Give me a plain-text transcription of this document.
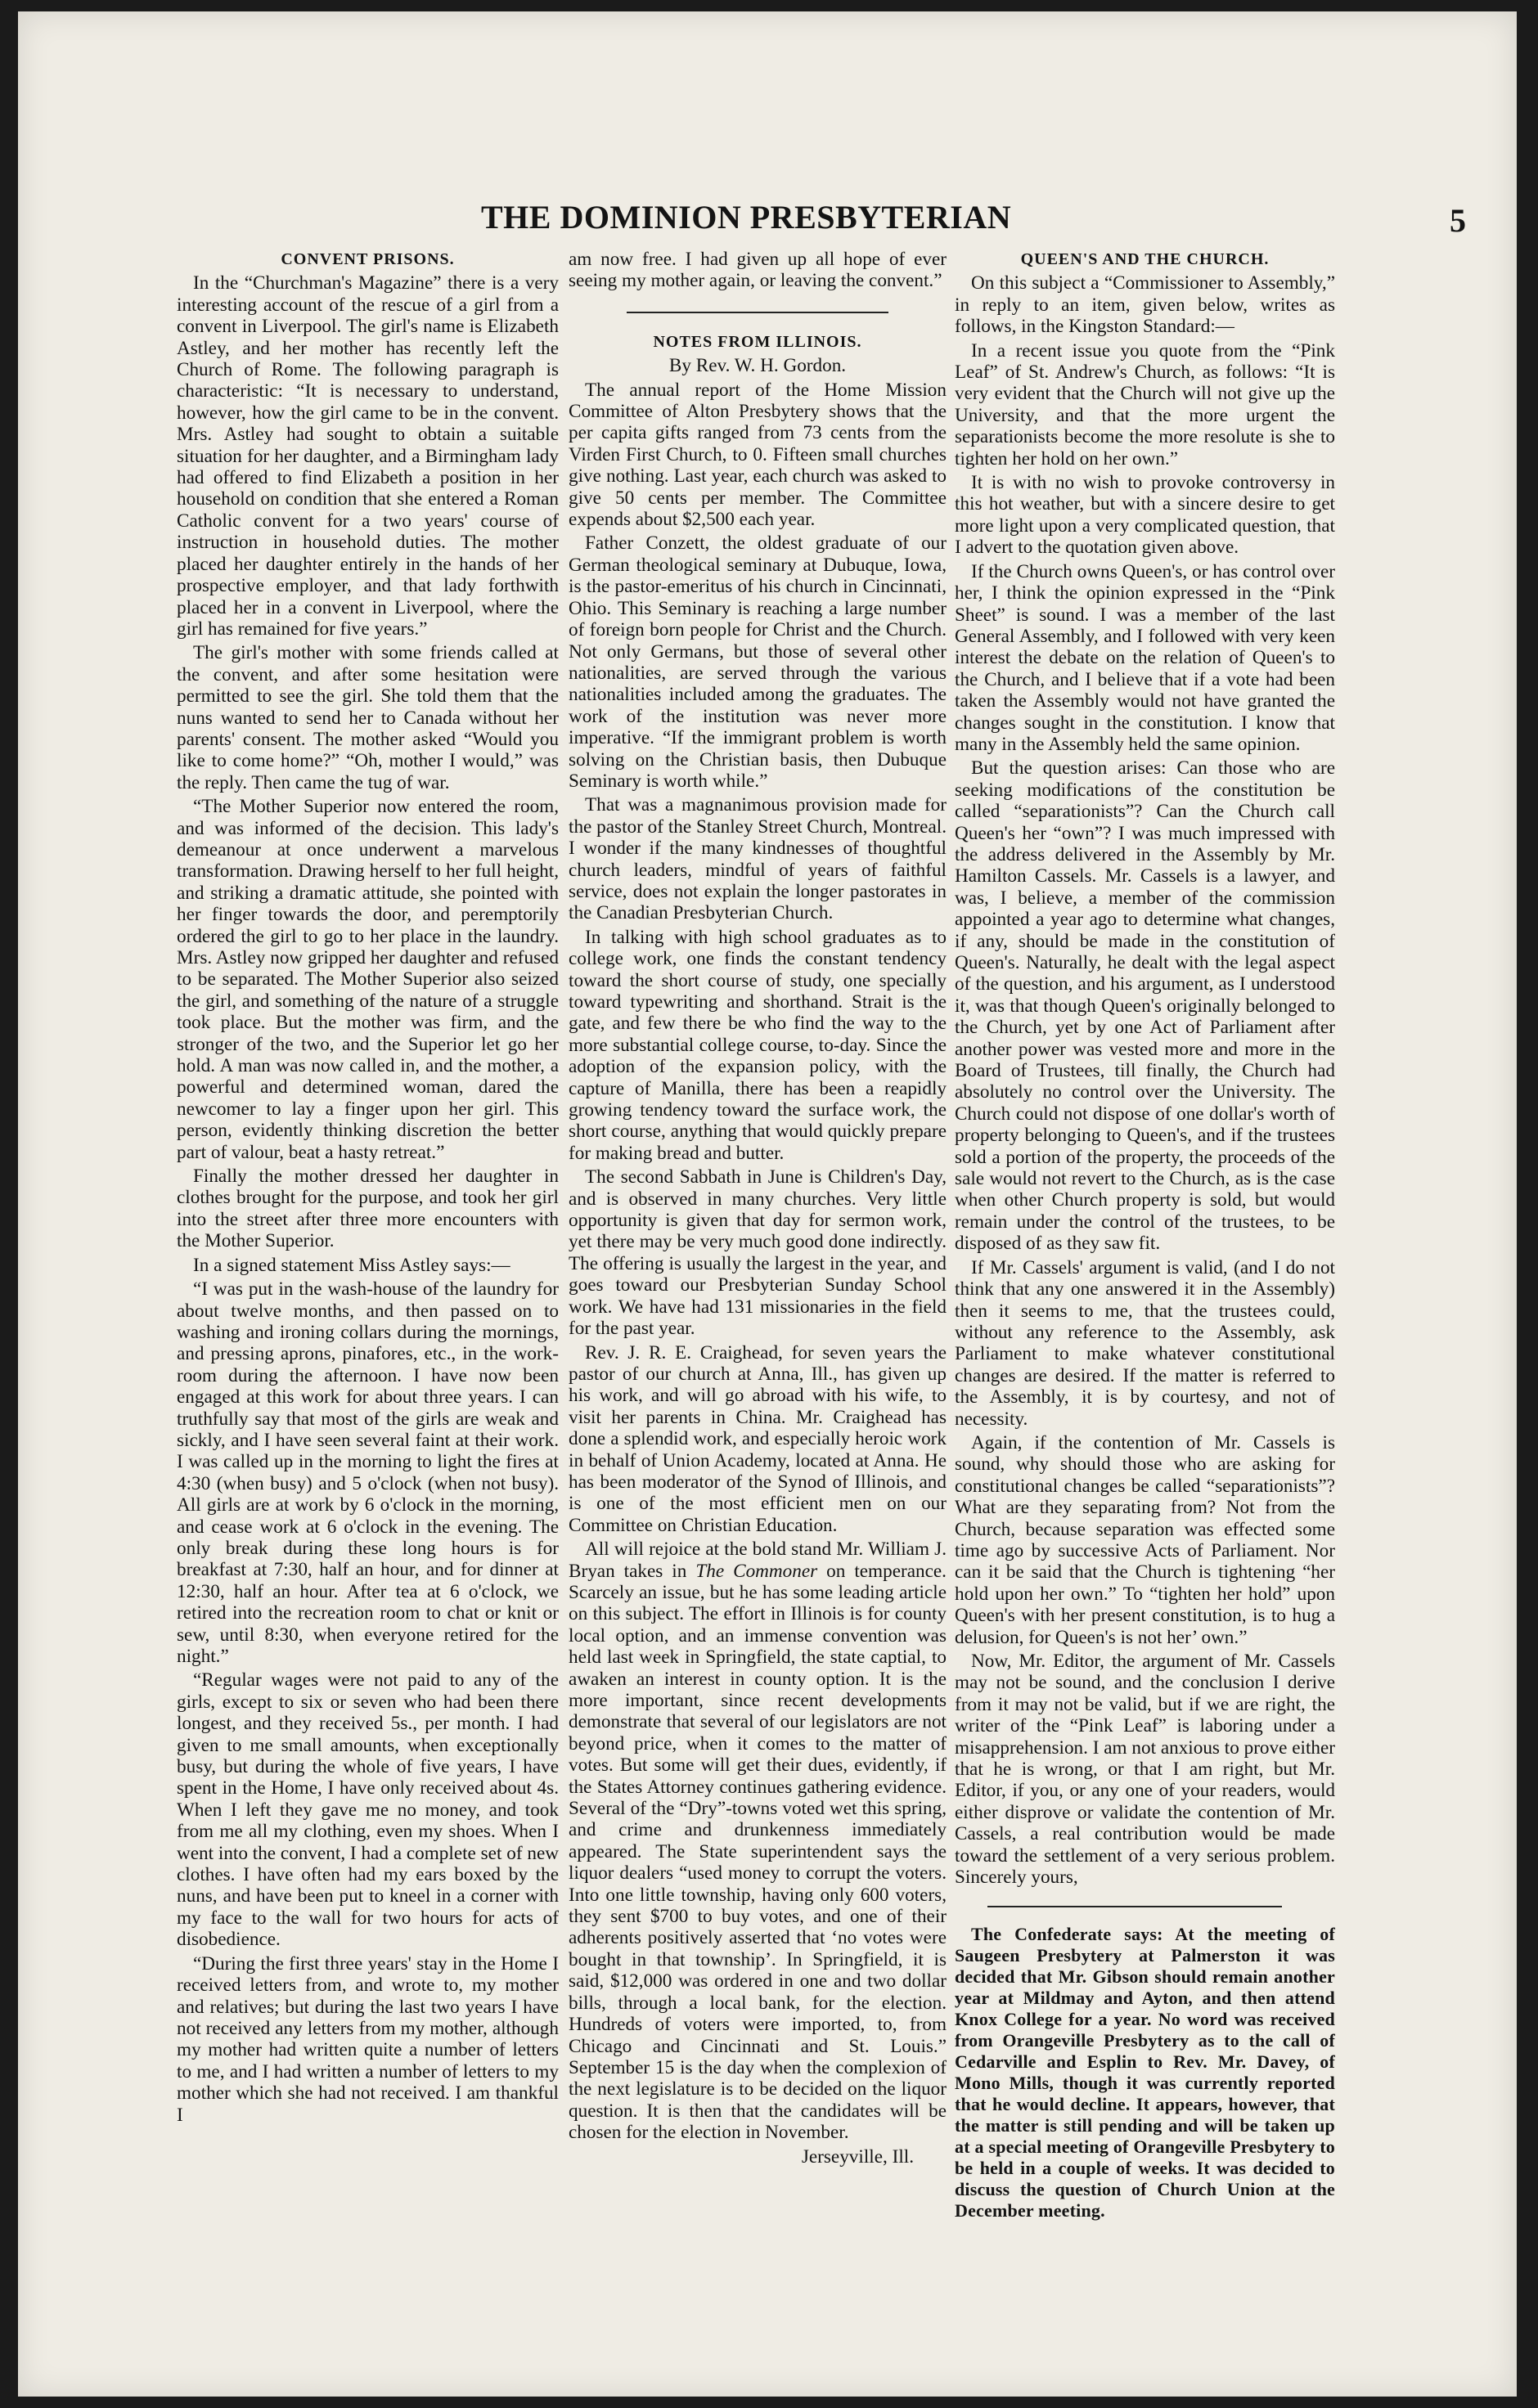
THE DOMINION PRESBYTERIAN	5

CONVENT PRISONS.

In the “Churchman's Magazine” there is a very interesting account of the rescue of a girl from a convent in Liverpool. The girl's name is Elizabeth Astley, and her mother has recently left the Church of Rome. The following paragraph is characteristic: “It is necessary to understand, however, how the girl came to be in the convent. Mrs. Astley had sought to obtain a suitable situation for her daughter, and a Birmingham lady had offered to find Elizabeth a position in her household on condition that she entered a Roman Catholic convent for a two years' course of instruction in household duties. The mother placed her daughter entirely in the hands of her prospective employer, and that lady forthwith placed her in a convent in Liverpool, where the girl has remained for five years.”

The girl's mother with some friends called at the convent, and after some hesitation were permitted to see the girl. She told them that the nuns wanted to send her to Canada without her parents' consent. The mother asked “Would you like to come home?” “Oh, mother I would,” was the reply. Then came the tug of war.

“The Mother Superior now entered the room, and was informed of the decision. This lady's demeanour at once underwent a marvelous transformation. Drawing herself to her full height, and striking a dramatic attitude, she pointed with her finger towards the door, and peremptorily ordered the girl to go to her place in the laundry. Mrs. Astley now gripped her daughter and refused to be separated. The Mother Superior also seized the girl, and something of the nature of a struggle took place. But the mother was firm, and the stronger of the two, and the Superior let go her hold. A man was now called in, and the mother, a powerful and determined woman, dared the newcomer to lay a finger upon her girl. This person, evidently thinking discretion the better part of valour, beat a hasty retreat.”

Finally the mother dressed her daughter in clothes brought for the purpose, and took her girl into the street after three more encounters with the Mother Superior.

In a signed statement Miss Astley says:—

“I was put in the wash-house of the laundry for about twelve months, and then passed on to washing and ironing collars during the mornings, and pressing aprons, pinafores, etc., in the work-room during the afternoon. I have now been engaged at this work for about three years. I can truthfully say that most of the girls are weak and sickly, and I have seen several faint at their work. I was called up in the morning to light the fires at 4:30 (when busy) and 5 o'clock (when not busy). All girls are at work by 6 o'clock in the morning, and cease work at 6 o'clock in the evening. The only break during these long hours is for breakfast at 7:30, half an hour, and for dinner at 12:30, half an hour. After tea at 6 o'clock, we retired into the recreation room to chat or knit or sew, until 8:30, when everyone retired for the night.”

“Regular wages were not paid to any of the girls, except to six or seven who had been there longest, and they received 5s., per month. I had given to me small amounts, when exceptionally busy, but during the whole of five years, I have spent in the Home, I have only received about 4s. When I left they gave me no money, and took from me all my clothing, even my shoes. When I went into the convent, I had a complete set of new clothes. I have often had my ears boxed by the nuns, and have been put to kneel in a corner with my face to the wall for two hours for acts of disobedience.

“During the first three years' stay in the Home I received letters from, and wrote to, my mother and relatives; but during the last two years I have not received any letters from my mother, although my mother had written quite a number of letters to me, and I had written a number of letters to my mother which she had not received. I am thankful I

am now free. I had given up all hope of ever seeing my mother again, or leaving the convent.”

NOTES FROM ILLINOIS.

By Rev. W. H. Gordon.

The annual report of the Home Mission Committee of Alton Presbytery shows that the per capita gifts ranged from 73 cents from the Virden First Church, to 0. Fifteen small churches give nothing. Last year, each church was asked to give 50 cents per member. The Committee expends about $2,500 each year.

Father Conzett, the oldest graduate of our German theological seminary at Dubuque, Iowa, is the pastor-emeritus of his church in Cincinnati, Ohio. This Seminary is reaching a large number of foreign born people for Christ and the Church. Not only Germans, but those of several other nationalities, are served through the various nationalities included among the graduates. The work of the institution was never more imperative. “If the immigrant problem is worth solving on the Christian basis, then Dubuque Seminary is worth while.”

That was a magnanimous provision made for the pastor of the Stanley Street Church, Montreal. I wonder if the many kindnesses of thoughtful church leaders, mindful of years of faithful service, does not explain the longer pastorates in the Canadian Presbyterian Church.

In talking with high school graduates as to college work, one finds the constant tendency toward the short course of study, one specially toward typewriting and shorthand. Strait is the gate, and few there be who find the way to the more substantial college course, to-day. Since the adoption of the expansion policy, with the capture of Manilla, there has been a reapidly growing tendency toward the surface work, the short course, anything that would quickly prepare for making bread and butter.

The second Sabbath in June is Children's Day, and is observed in many churches. Very little opportunity is given that day for sermon work, yet there may be very much good done indirectly. The offering is usually the largest in the year, and goes toward our Presbyterian Sunday School work. We have had 131 missionaries in the field for the past year.

Rev. J. R. E. Craighead, for seven years the pastor of our church at Anna, Ill., has given up his work, and will go abroad with his wife, to visit her parents in China. Mr. Craighead has done a splendid work, and especially heroic work in behalf of Union Academy, located at Anna. He has been moderator of the Synod of Illinois, and is one of the most efficient men on our Committee on Christian Education.

All will rejoice at the bold stand Mr. William J. Bryan takes in The Commoner on temperance. Scarcely an issue, but he has some leading article on this subject. The effort in Illinois is for county local option, and an immense convention was held last week in Springfield, the state captial, to awaken an interest in county option. It is the more important, since recent developments demonstrate that several of our legislators are not beyond price, when it comes to the matter of votes. But some will get their dues, evidently, if the States Attorney continues gathering evidence. Several of the “Dry”-towns voted wet this spring, and crime and drunkenness immediately appeared. The State superintendent says the liquor dealers “used money to corrupt the voters. Into one little township, having only 600 voters, they sent $700 to buy votes, and one of their adherents positively asserted that ‘no votes were bought in that township’. In Springfield, it is said, $12,000 was ordered in one and two dollar bills, through a local bank, for the election. Hundreds of voters were imported, to, from Chicago and Cincinnati and St. Louis.” September 15 is the day when the complexion of the next legislature is to be decided on the liquor question. It is then that the candidates will be chosen for the election in November.

Jerseyville, Ill.

QUEEN'S AND THE CHURCH.

On this subject a “Commissioner to Assembly,” in reply to an item, given below, writes as follows, in the Kingston Standard:—

In a recent issue you quote from the “Pink Leaf” of St. Andrew's Church, as follows: “It is very evident that the Church will not give up the University, and that the more urgent the separationists become the more resolute is she to tighten her hold on her own.”

It is with no wish to provoke controversy in this hot weather, but with a sincere desire to get more light upon a very complicated question, that I advert to the quotation given above.

If the Church owns Queen's, or has control over her, I think the opinion expressed in the “Pink Sheet” is sound. I was a member of the last General Assembly, and I followed with very keen interest the debate on the relation of Queen's to the Church, and I believe that if a vote had been taken the Assembly would not have granted the changes sought in the constitution. I know that many in the Assembly held the same opinion.

But the question arises: Can those who are seeking modifications of the constitution be called “separationists”? Can the Church call Queen's her “own”? I was much impressed with the address delivered in the Assembly by Mr. Hamilton Cassels. Mr. Cassels is a lawyer, and was, I believe, a member of the commission appointed a year ago to determine what changes, if any, should be made in the constitution of Queen's. Naturally, he dealt with the legal aspect of the question, and his argument, as I understood it, was that though Queen's originally belonged to the Church, yet by one Act of Parliament after another power was vested more and more in the Board of Trustees, till finally, the Church had absolutely no control over the University. The Church could not dispose of one dollar's worth of property belonging to Queen's, and if the trustees sold a portion of the property, the proceeds of the sale would not revert to the Church, as is the case when other Church property is sold, but would remain under the control of the trustees, to be disposed of as they saw fit.

If Mr. Cassels' argument is valid, (and I do not think that any one answered it in the Assembly) then it seems to me, that the trustees could, without any reference to the Assembly, ask Parliament to make whatever constitutional changes are desired. If the matter is referred to the Assembly, it is by courtesy, and not of necessity.

Again, if the contention of Mr. Cassels is sound, why should those who are asking for constitutional changes be called “separationists”? What are they separating from? Not from the Church, because separation was effected some time ago by successive Acts of Parliament. Nor can it be said that the Church is tightening “her hold upon her own.” To “tighten her hold” upon Queen's with her present constitution, is to hug a delusion, for Queen's is not her’ own.”

Now, Mr. Editor, the argument of Mr. Cassels may not be sound, and the conclusion I derive from it may not be valid, but if we are right, the writer of the “Pink Leaf” is laboring under a misapprehension. I am not anxious to prove either that he is wrong, or that I am right, but Mr. Editor, if you, or any one of your readers, would either disprove or validate the contention of Mr. Cassels, a real contribution would be made toward the settlement of a very serious problem. Sincerely yours,

The Confederate says: At the meeting of Saugeen Presbytery at Palmerston it was decided that Mr. Gibson should remain another year at Mildmay and Ayton, and then attend Knox College for a year. No word was received from Orangeville Presbytery as to the call of Cedarville and Esplin to Rev. Mr. Davey, of Mono Mills, though it was currently reported that he would decline. It appears, however, that the matter is still pending and will be taken up at a special meeting of Orangeville Presbytery to be held in a couple of weeks. It was decided to discuss the question of Church Union at the December meeting.
